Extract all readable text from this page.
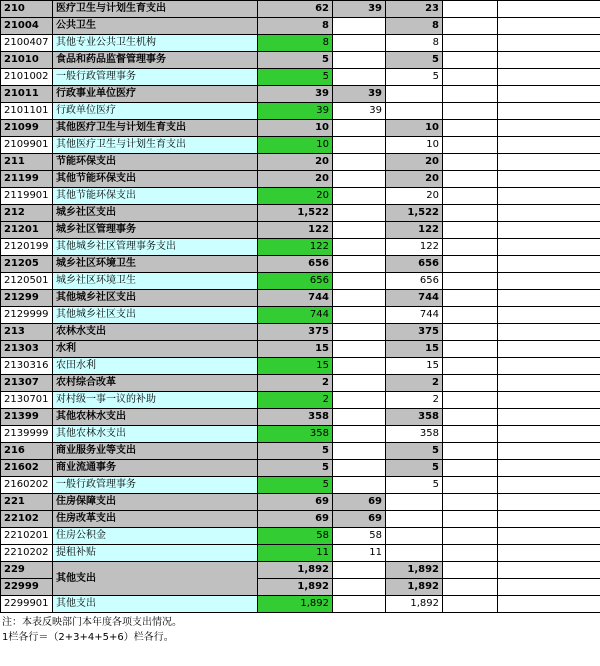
210	医疗卫生与计划生育支出	62	39	23		
21004	公共卫生	8		8		
2100407	其他专业公共卫生机构	8		8		
21010	食品和药品监督管理事务	5		5		
2101002	一般行政管理事务	5		5		
21011	行政事业单位医疗	39	39			
2101101	行政单位医疗	39	39			
21099	其他医疗卫生与计划生育支出	10		10		
2109901	其他医疗卫生与计划生育支出	10		10		
211	节能环保支出	20		20		
21199	其他节能环保支出	20		20		
2119901	其他节能环保支出	20		20		
212	城乡社区支出	1,522		1,522		
21201	城乡社区管理事务	122		122		
2120199	其他城乡社区管理事务支出	122		122		
21205	城乡社区环境卫生	656		656		
2120501	城乡社区环境卫生	656		656		
21299	其他城乡社区支出	744		744		
2129999	其他城乡社区支出	744		744		
213	农林水支出	375		375		
21303	水利	15		15		
2130316	农田水利	15		15		
21307	农村综合改革	2		2		
2130701	对村级一事一议的补助	2		2		
21399	其他农林水支出	358		358		
2139999	其他农林水支出	358		358		
216	商业服务业等支出	5		5		
21602	商业流通事务	5		5		
2160202	一般行政管理事务	5		5		
221	住房保障支出	69	69			
22102	住房改革支出	69	69			
2210201	住房公积金	58	58			
2210202	提租补贴	11	11			
229	其他支出	1,892		1,892		
22999		1,892		1,892		
2299901	其他支出	1,892		1,892		
注：本表反映部门本年度各项支出情况。
1栏各行＝（2+3+4+5+6）栏各行。
